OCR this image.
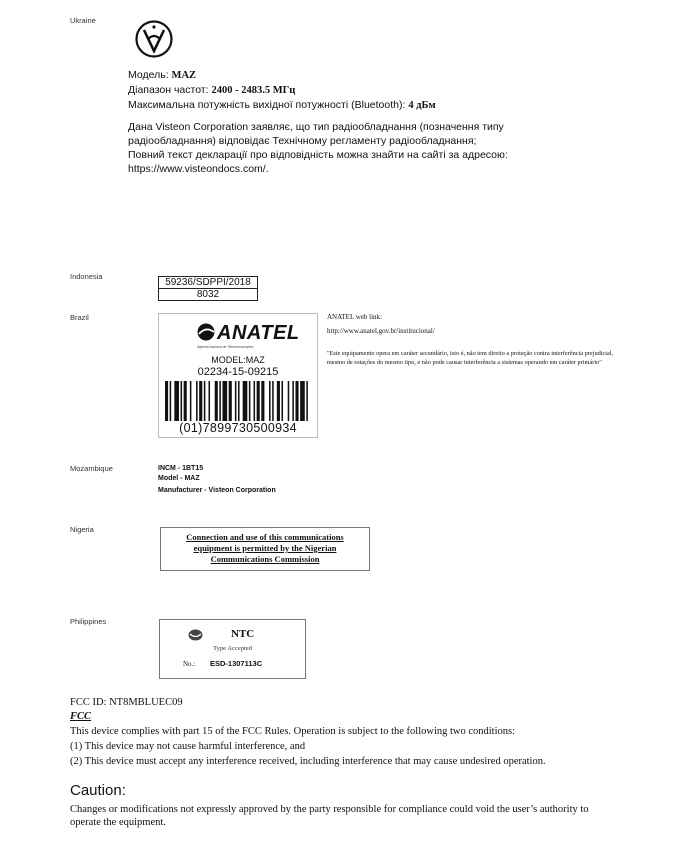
Ukraine
Модель: MAZ
Діапазон частот: 2400 - 2483.5 МГц
Максимальна потужність вихідної потужності (Bluetooth): 4 дБм
Дана Visteon Corporation заявляє, що тип радіообладнання (позначення типу радіообладнання) відповідає Технічному регламенту радіообладнання;
Повний текст декларації про відповідність можна знайти на сайті за адресою: https://www.visteondocs.com/.
Indonesia
59236/SDPPI/2018
8032
Brazil
ANATEL
Agência Nacional de Telecomunicações
MODEL:MAZ
02234-15-09215
(01)7899730500934
ANATEL web link:
http://www.anatel.gov.br/institucional/
"Este equipamento opera em caráter secundário, isto é, não tem direito a proteção contra interferência prejudicial, mesmo de estações do mesmo tipo, e não pode causar interferência a sistemas operando em caráter primário"
Mozambique	INCM - 1BT15
Model - MAZ
Manufacturer - Visteon Corporation
Nigeria
Connection and use of this communications equipment is permitted by the Nigerian Communications Commission
Philippines
NTC
Type Accepted
No.: ESD-1307113C
FCC ID: NT8MBLUEC09
FCC
This device complies with part 15 of the FCC Rules. Operation is subject to the following two conditions:
(1) This device may not cause harmful interference, and
(2) This device must accept any interference received, including interference that may cause undesired operation.
Caution:
Changes or modifications not expressly approved by the party responsible for compliance could void the user’s authority to operate the equipment.
